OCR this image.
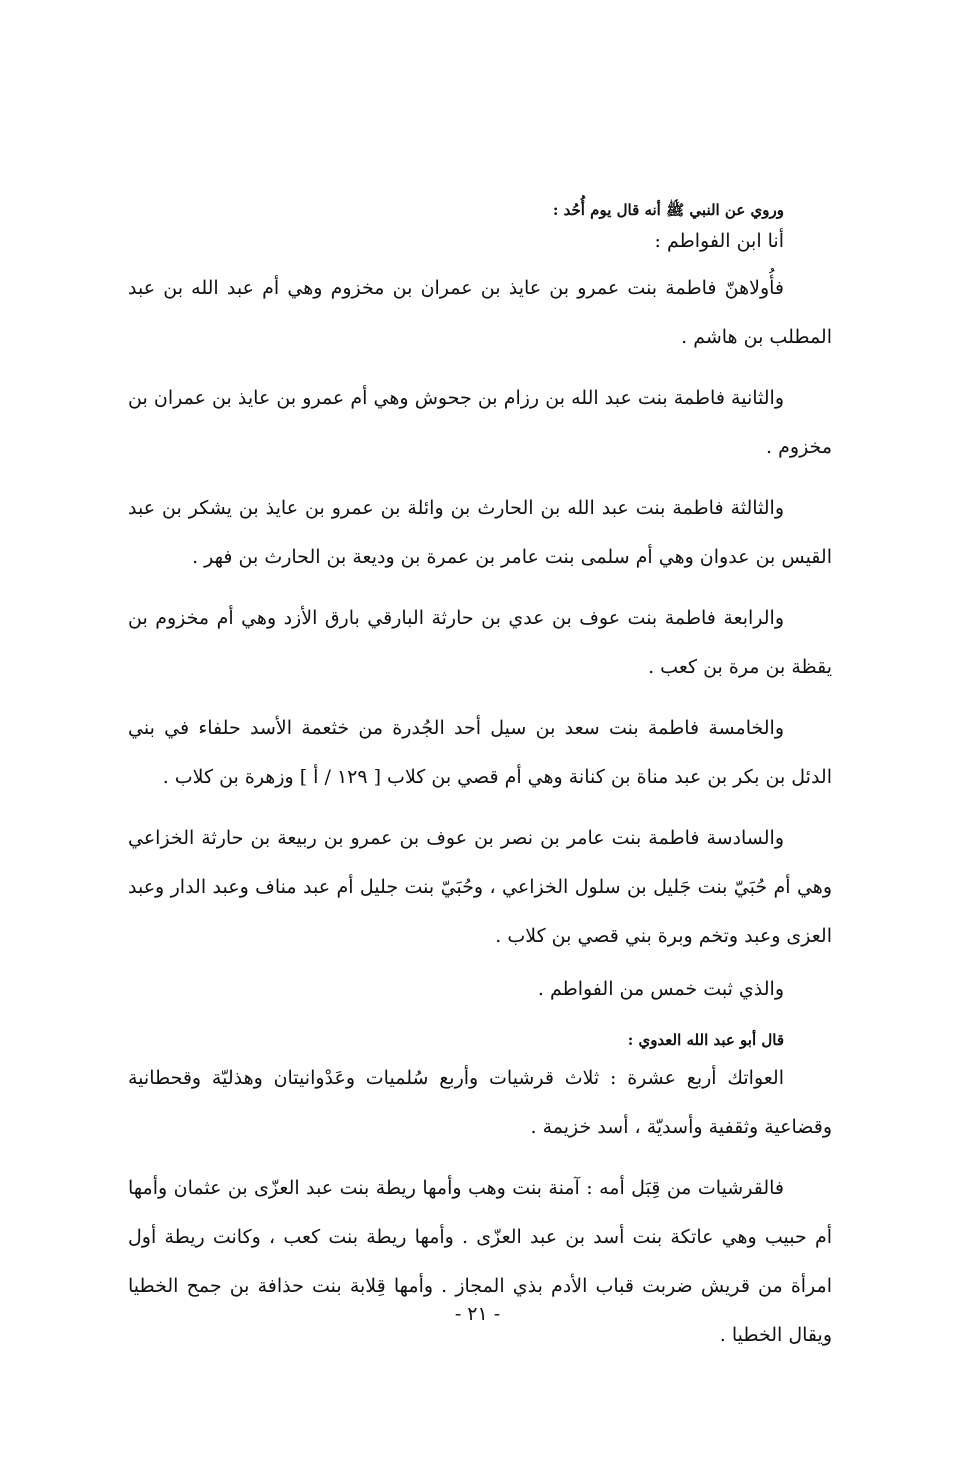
وروي عن النبي ﷺ أنه قال يوم أُحُد :

أنا ابن الفواطم :

فأُولاهنّ فاطمة بنت عمرو بن عايذ بن عمران بن مخزوم وهي أم عبد الله بن عبد المطلب بن هاشم .

والثانية فاطمة بنت عبد الله بن رزام بن جحوش وهي أم عمرو بن عايذ بن عمران بن مخزوم .

والثالثة فاطمة بنت عبد الله بن الحارث بن وائلة بن عمرو بن عايذ بن يشكر بن عبد القيس بن عدوان وهي أم سلمى بنت عامر بن عمرة بن وديعة بن الحارث بن فهر .

والرابعة فاطمة بنت عوف بن عدي بن حارثة البارقي بارق الأزد وهي أم مخزوم بن يقظة بن مرة بن كعب .

والخامسة فاطمة بنت سعد بن سيل أحد الجُدرة من خثعمة الأسد حلفاء في بني الدئل بن بكر بن عبد مناة بن كنانة وهي أم قصي بن كلاب [ ١٢٩ / أ ] وزهرة بن كلاب .

والسادسة فاطمة بنت عامر بن نصر بن عوف بن عمرو بن ربيعة بن حارثة الخزاعي وهي أم حُبَيّ بنت جَليل بن سلول الخزاعي ، وحُبَيّ بنت جليل أم عبد مناف وعبد الدار وعبد العزى وعبد وتخم وبرة بني قصي بن كلاب .

والذي ثبت خمس من الفواطم .

قال أبو عبد الله العدوي :

العواتك أربع عشرة : ثلاث قرشيات وأربع سُلميات وعَدْوانيتان وهذليّة وقحطانية وقضاعية وثقفية وأسديّة ، أسد خزيمة .

فالقرشيات من قِبَل أمه : آمنة بنت وهب وأمها ريطة بنت عبد العزّى بن عثمان وأمها أم حبيب وهي عاتكة بنت أسد بن عبد العزّى . وأمها ريطة بنت كعب ، وكانت ريطة أول امرأة من قريش ضربت قباب الأدم بذي المجاز . وأمها قِلابة بنت حذافة بن جمح الخطيا ويقال الخطيا .

- ٢١ -
